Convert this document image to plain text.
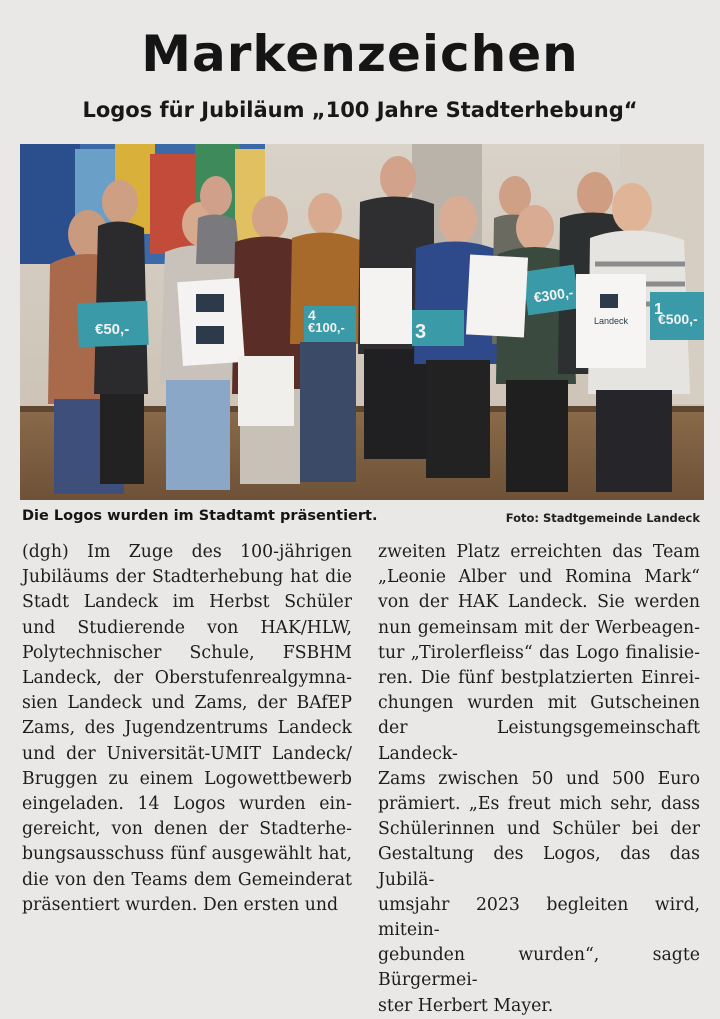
Markenzeichen
Logos für Jubiläum „100 Jahre Stadterhebung“
€50,-	€100,-
€300,-
€500,-
Landeck
3
4	1
Die Logos wurden im Stadtamt präsentiert.	Foto: Stadtgemeinde Landeck
(dgh) Im Zuge des 100-jährigen
Jubiläums der Stadterhebung hat die
Stadt Landeck im Herbst Schüler
und Studierende von HAK/HLW,
Polytechnischer Schule, FSBHM
Landeck, der Oberstufenrealgymna-
sien Landeck und Zams, der BAfEP
Zams, des Jugendzentrums Landeck
und der Universität-UMIT Landeck/
Bruggen zu einem Logowettbewerb
eingeladen. 14 Logos wurden ein-
gereicht, von denen der Stadterhe-
bungsausschuss fünf ausgewählt hat,
die von den Teams dem Gemeinderat
präsentiert wurden. Den ersten und
zweiten Platz erreichten das Team
„Leonie Alber und Romina Mark“
von der HAK Landeck. Sie werden
nun gemeinsam mit der Werbeagen-
tur „Tirolerfleiss“ das Logo finalisie-
ren. Die fünf bestplatzierten Einrei-
chungen wurden mit Gutscheinen
der Leistungsgemeinschaft Landeck-
Zams zwischen 50 und 500 Euro
prämiert. „Es freut mich sehr, dass
Schülerinnen und Schüler bei der
Gestaltung des Logos, das das Jubilä-
umsjahr 2023 begleiten wird, mitein-
gebunden wurden“, sagte Bürgermei-
ster Herbert Mayer.
